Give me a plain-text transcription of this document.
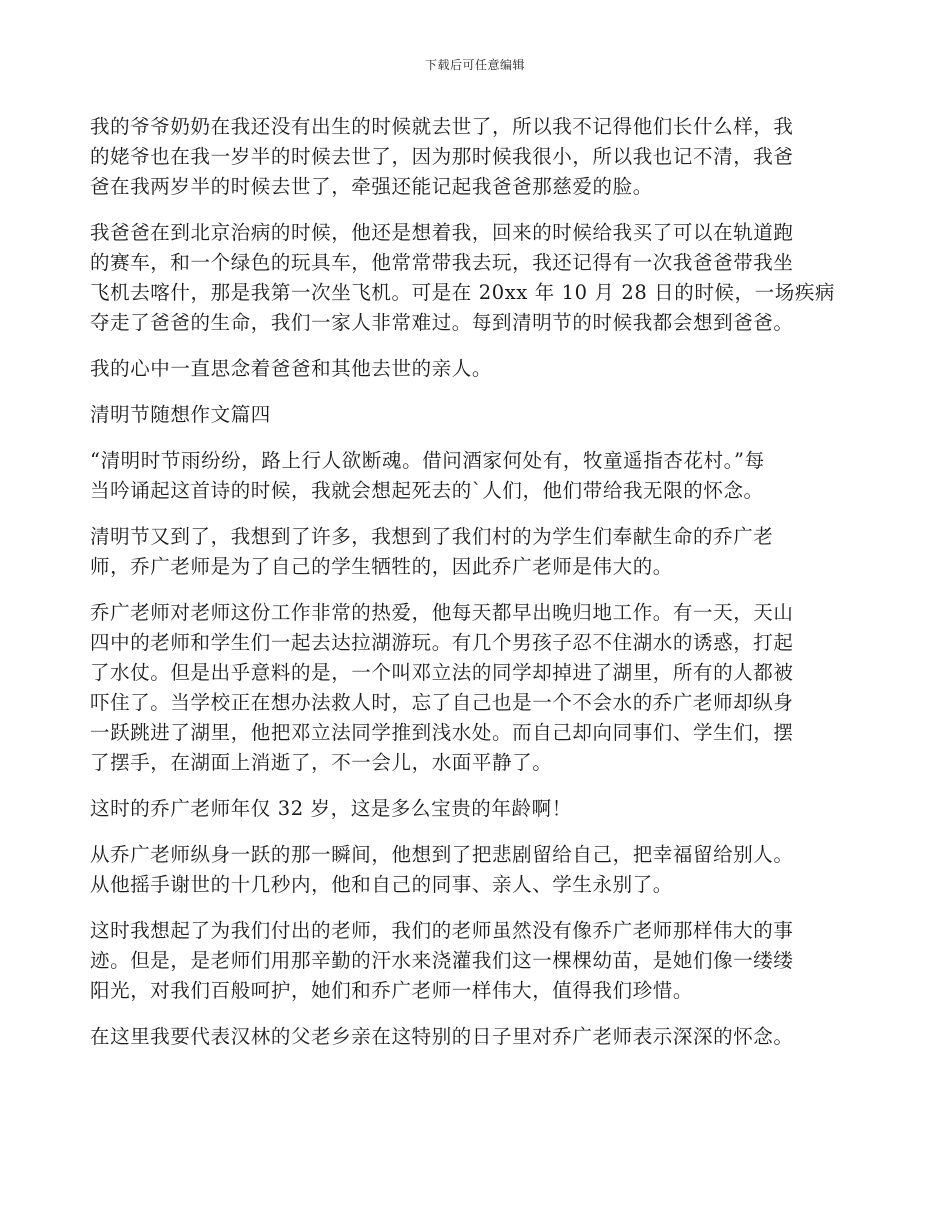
下载后可任意编辑

我的爷爷奶奶在我还没有出生的时候就去世了，所以我不记得他们长什么样，我
的姥爷也在我一岁半的时候去世了，因为那时候我很小，所以我也记不清，我爸
爸在我两岁半的时候去世了，牵强还能记起我爸爸那慈爱的脸。

我爸爸在到北京治病的时候，他还是想着我，回来的时候给我买了可以在轨道跑
的赛车，和一个绿色的玩具车，他常常带我去玩，我还记得有一次我爸爸带我坐
飞机去喀什，那是我第一次坐飞机。可是在 20xx 年 10 月 28 日的时候，一场疾病
夺走了爸爸的生命，我们一家人非常难过。每到清明节的时候我都会想到爸爸。

我的心中一直思念着爸爸和其他去世的亲人。

清明节随想作文篇四

“清明时节雨纷纷，路上行人欲断魂。借问酒家何处有，牧童遥指杏花村。”每
当吟诵起这首诗的时候，我就会想起死去的`人们，他们带给我无限的怀念。

清明节又到了，我想到了许多，我想到了我们村的为学生们奉献生命的乔广老
师，乔广老师是为了自己的学生牺牲的，因此乔广老师是伟大的。

乔广老师对老师这份工作非常的热爱，他每天都早出晚归地工作。有一天，天山
四中的老师和学生们一起去达拉湖游玩。有几个男孩子忍不住湖水的诱惑，打起
了水仗。但是出乎意料的是，一个叫邓立法的同学却掉进了湖里，所有的人都被
吓住了。当学校正在想办法救人时，忘了自己也是一个不会水的乔广老师却纵身
一跃跳进了湖里，他把邓立法同学推到浅水处。而自己却向同事们、学生们，摆
了摆手，在湖面上消逝了，不一会儿，水面平静了。

这时的乔广老师年仅 32 岁，这是多么宝贵的年龄啊！

从乔广老师纵身一跃的那一瞬间，他想到了把悲剧留给自己，把幸福留给别人。
从他摇手谢世的十几秒内，他和自己的同事、亲人、学生永别了。

这时我想起了为我们付出的老师，我们的老师虽然没有像乔广老师那样伟大的事
迹。但是，是老师们用那辛勤的汗水来浇灌我们这一棵棵幼苗，是她们像一缕缕
阳光，对我们百般呵护，她们和乔广老师一样伟大，值得我们珍惜。

在这里我要代表汉林的父老乡亲在这特别的日子里对乔广老师表示深深的怀念。
